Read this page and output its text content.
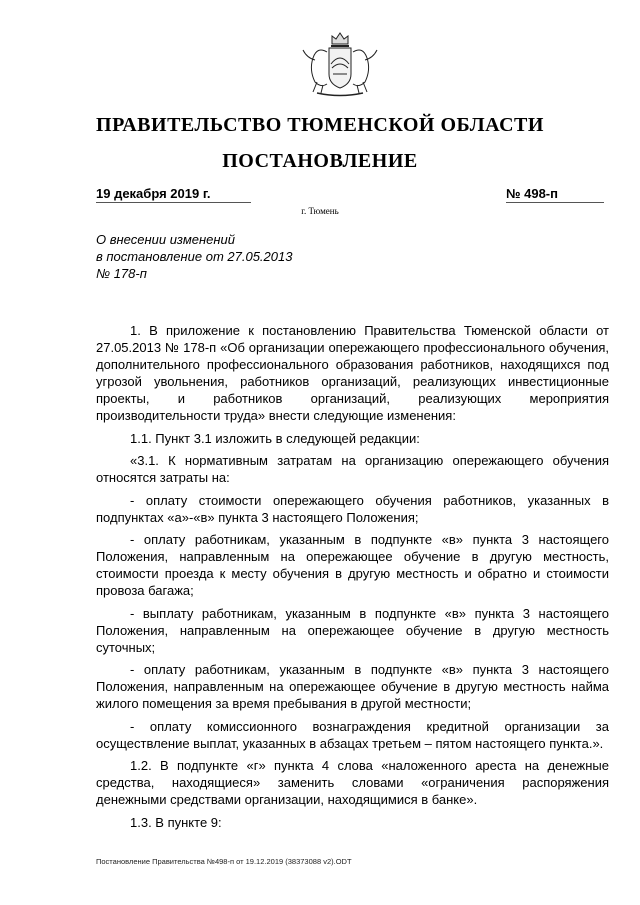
ПРАВИТЕЛЬСТВО ТЮМЕНСКОЙ ОБЛАСТИ
ПОСТАНОВЛЕНИЕ
19 декабря 2019 г.	№ 498-п
г. Тюмень
О внесении изменений
в постановление от 27.05.2013
№ 178-п

1. В приложение к постановлению Правительства Тюменской области от 27.05.2013 № 178-п «Об организации опережающего профессионального обучения, дополнительного профессионального образования работников, находящихся под угрозой увольнения, работников организаций, реализующих инвестиционные проекты, и работников организаций, реализующих мероприятия производительности труда» внести следующие изменения:

1.1. Пункт 3.1 изложить в следующей редакции:

«3.1. К нормативным затратам на организацию опережающего обучения относятся затраты на:

- оплату стоимости опережающего обучения работников, указанных в подпунктах «а»-«в» пункта 3 настоящего Положения;

- оплату работникам, указанным в подпункте «в» пункта 3 настоящего Положения, направленным на опережающее обучение в другую местность, стоимости проезда к месту обучения в другую местность и обратно и стоимости провоза багажа;

- выплату работникам, указанным в подпункте «в» пункта 3 настоящего Положения, направленным на опережающее обучение в другую местность суточных;

- оплату работникам, указанным в подпункте «в» пункта 3 настоящего Положения, направленным на опережающее обучение в другую местность найма жилого помещения за время пребывания в другой местности;

- оплату комиссионного вознаграждения кредитной организации за осуществление выплат, указанных в абзацах третьем – пятом настоящего пункта.».

1.2. В подпункте «г» пункта 4 слова «наложенного ареста на денежные средства, находящиеся» заменить словами «ограничения распоряжения денежными средствами организации, находящимися в банке».

1.3. В пункте 9:

Постановление Правительства №498-п от 19.12.2019 (38373088 v2).ODT
